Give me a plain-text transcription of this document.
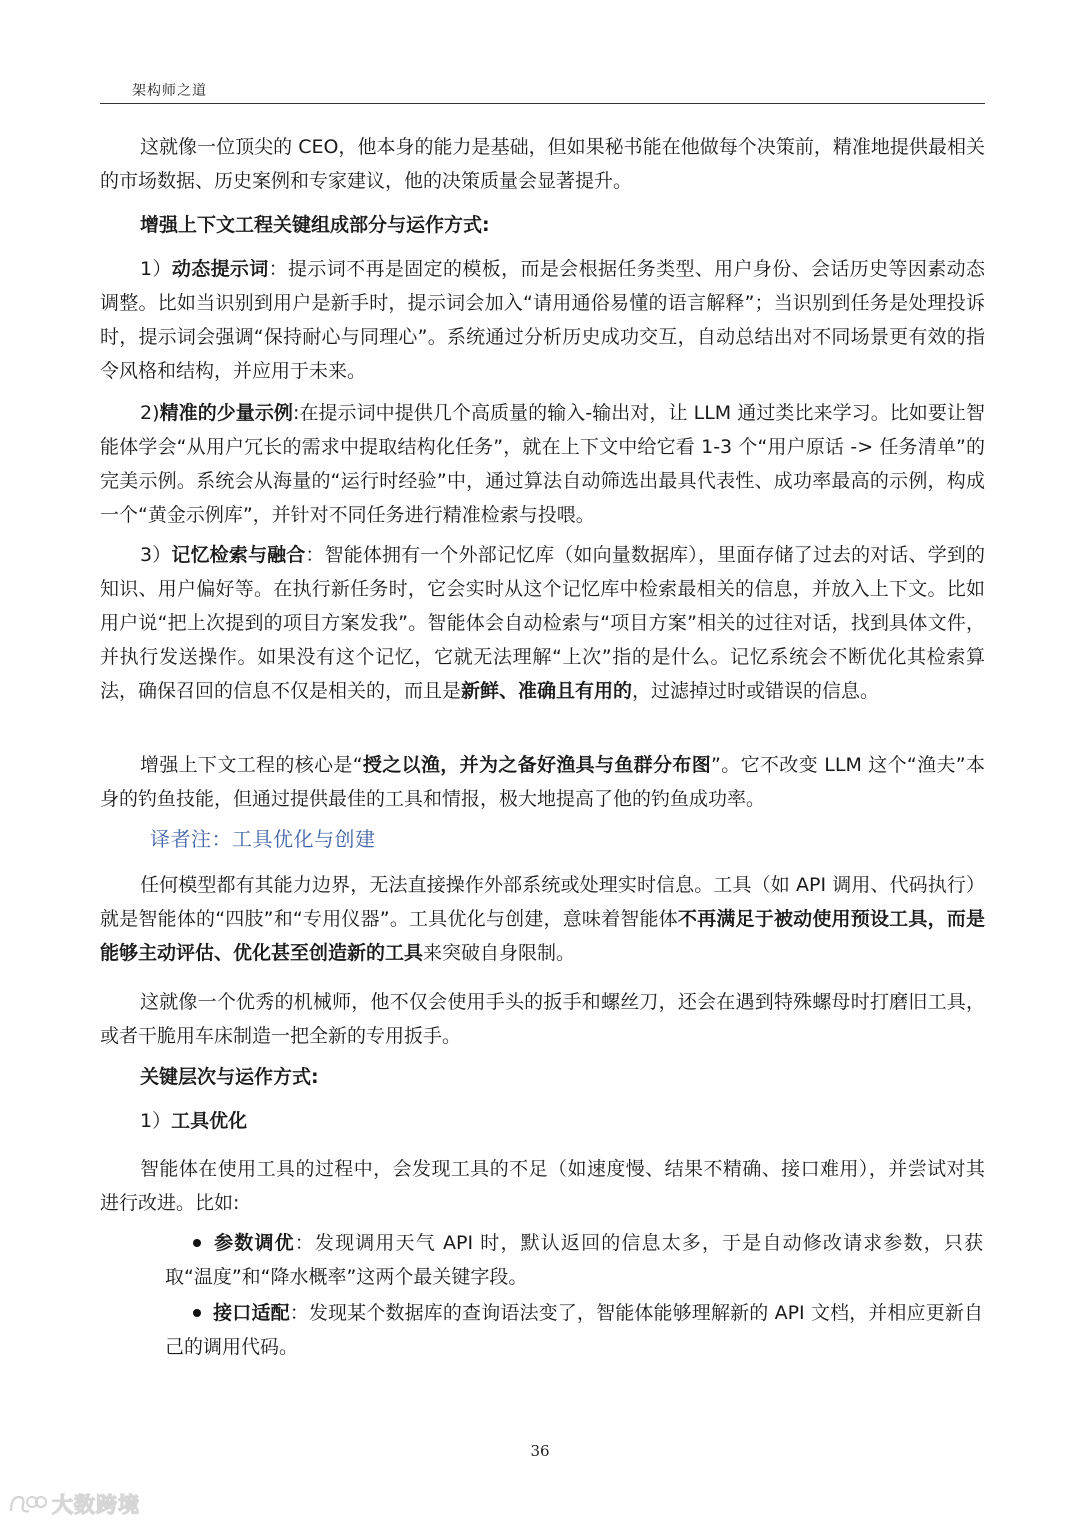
架构师之道

这就像一位顶尖的 CEO，他本身的能力是基础，但如果秘书能在他做每个决策前，精准地提供最相关的市场数据、历史案例和专家建议，他的决策质量会显著提升。

增强上下文工程关键组成部分与运作方式:

1）动态提示词：提示词不再是固定的模板，而是会根据任务类型、用户身份、会话历史等因素动态调整。比如当识别到用户是新手时，提示词会加入“请用通俗易懂的语言解释”；当识别到任务是处理投诉时，提示词会强调“保持耐心与同理心”。系统通过分析历史成功交互，自动总结出对不同场景更有效的指令风格和结构，并应用于未来。

2)精准的少量示例:在提示词中提供几个高质量的输入-输出对，让 LLM 通过类比来学习。比如要让智能体学会“从用户冗长的需求中提取结构化任务”，就在上下文中给它看 1-3 个“用户原话 -> 任务清单”的完美示例。系统会从海量的“运行时经验”中，通过算法自动筛选出最具代表性、成功率最高的示例，构成一个“黄金示例库”，并针对不同任务进行精准检索与投喂。

3）记忆检索与融合：智能体拥有一个外部记忆库（如向量数据库），里面存储了过去的对话、学到的知识、用户偏好等。在执行新任务时，它会实时从这个记忆库中检索最相关的信息，并放入上下文。比如用户说“把上次提到的项目方案发我”。智能体会自动检索与“项目方案”相关的过往对话，找到具体文件，并执行发送操作。如果没有这个记忆，它就无法理解“上次”指的是什么。记忆系统会不断优化其检索算法，确保召回的信息不仅是相关的，而且是新鲜、准确且有用的，过滤掉过时或错误的信息。

增强上下文工程的核心是“授之以渔，并为之备好渔具与鱼群分布图”。它不改变 LLM 这个“渔夫”本身的钓鱼技能，但通过提供最佳的工具和情报，极大地提高了他的钓鱼成功率。

译者注：工具优化与创建

任何模型都有其能力边界，无法直接操作外部系统或处理实时信息。工具（如 API 调用、代码执行）就是智能体的“四肢”和“专用仪器”。工具优化与创建，意味着智能体不再满足于被动使用预设工具，而是能够主动评估、优化甚至创造新的工具来突破自身限制。

这就像一个优秀的机械师，他不仅会使用手头的扳手和螺丝刀，还会在遇到特殊螺母时打磨旧工具，或者干脆用车床制造一把全新的专用扳手。

关键层次与运作方式:

1）工具优化

智能体在使用工具的过程中，会发现工具的不足（如速度慢、结果不精确、接口难用），并尝试对其进行改进。比如:

参数调优：发现调用天气 API 时，默认返回的信息太多，于是自动修改请求参数，只获取“温度”和“降水概率”这两个最关键字段。

接口适配：发现某个数据库的查询语法变了，智能体能够理解新的 API 文档，并相应更新自己的调用代码。

36
大数跨境
